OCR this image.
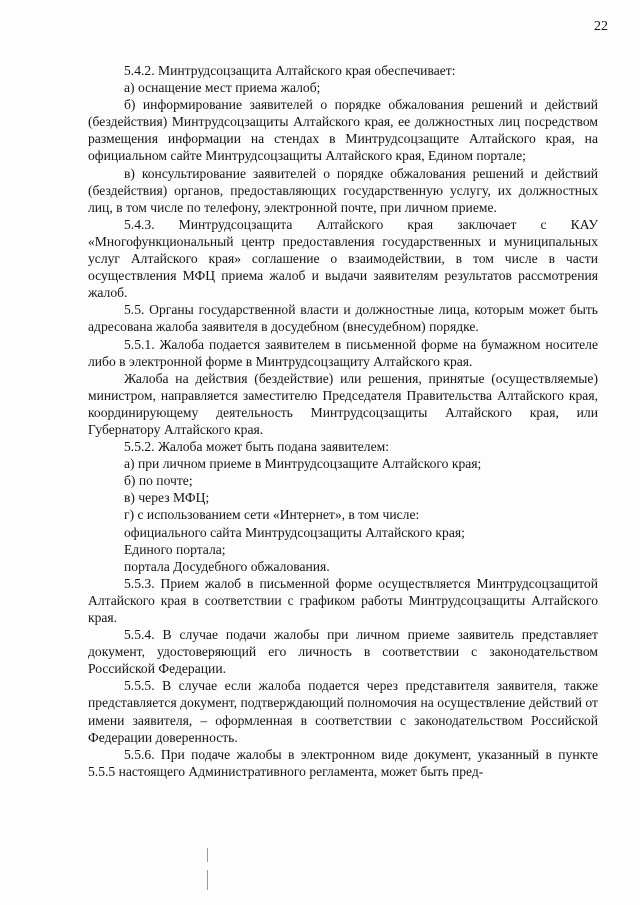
22

5.4.2. Минтрудсоцзащита Алтайского края обеспечивает:

а) оснащение мест приема жалоб;

б) информирование заявителей о порядке обжалования решений и действий (бездействия) Минтрудсоцзащиты Алтайского края, ее должностных лиц посредством размещения информации на стендах в Минтрудсоцзащите Алтайского края, на официальном сайте Минтрудсоцзащиты Алтайского края, Едином портале;

в) консультирование заявителей о порядке обжалования решений и действий (бездействия) органов, предоставляющих государственную услугу, их должностных лиц, в том числе по телефону, электронной почте, при личном приеме.

5.4.3. Минтрудсоцзащита Алтайского края заключает с КАУ «Многофункциональный центр предоставления государственных и муниципальных услуг Алтайского края» соглашение о взаимодействии, в том числе в части осуществления МФЦ приема жалоб и выдачи заявителям результатов рассмотрения жалоб.

5.5. Органы государственной власти и должностные лица, которым может быть адресована жалоба заявителя в досудебном (внесудебном) порядке.

5.5.1. Жалоба подается заявителем в письменной форме на бумажном носителе либо в электронной форме в Минтрудсоцзащиту Алтайского края.

Жалоба на действия (бездействие) или решения, принятые (осуществляемые) министром, направляется заместителю Председателя Правительства Алтайского края, координирующему деятельность Минтрудсоцзащиты Алтайского края, или Губернатору Алтайского края.

5.5.2. Жалоба может быть подана заявителем:

а) при личном приеме в Минтрудсоцзащите Алтайского края;

б) по почте;

в) через МФЦ;

г) с использованием сети «Интернет», в том числе:

официального сайта Минтрудсоцзащиты Алтайского края;

Единого портала;

портала Досудебного обжалования.

5.5.3. Прием жалоб в письменной форме осуществляется Минтрудсоцзащитой Алтайского края в соответствии с графиком работы Минтрудсоцзащиты Алтайского края.

5.5.4. В случае подачи жалобы при личном приеме заявитель представляет документ, удостоверяющий его личность в соответствии с законодательством Российской Федерации.

5.5.5. В случае если жалоба подается через представителя заявителя, также представляется документ, подтверждающий полномочия на осуществление действий от имени заявителя, – оформленная в соответствии с законодательством Российской Федерации доверенность.

5.5.6. При подаче жалобы в электронном виде документ, указанный в пункте 5.5.5 настоящего Административного регламента, может быть пред-
